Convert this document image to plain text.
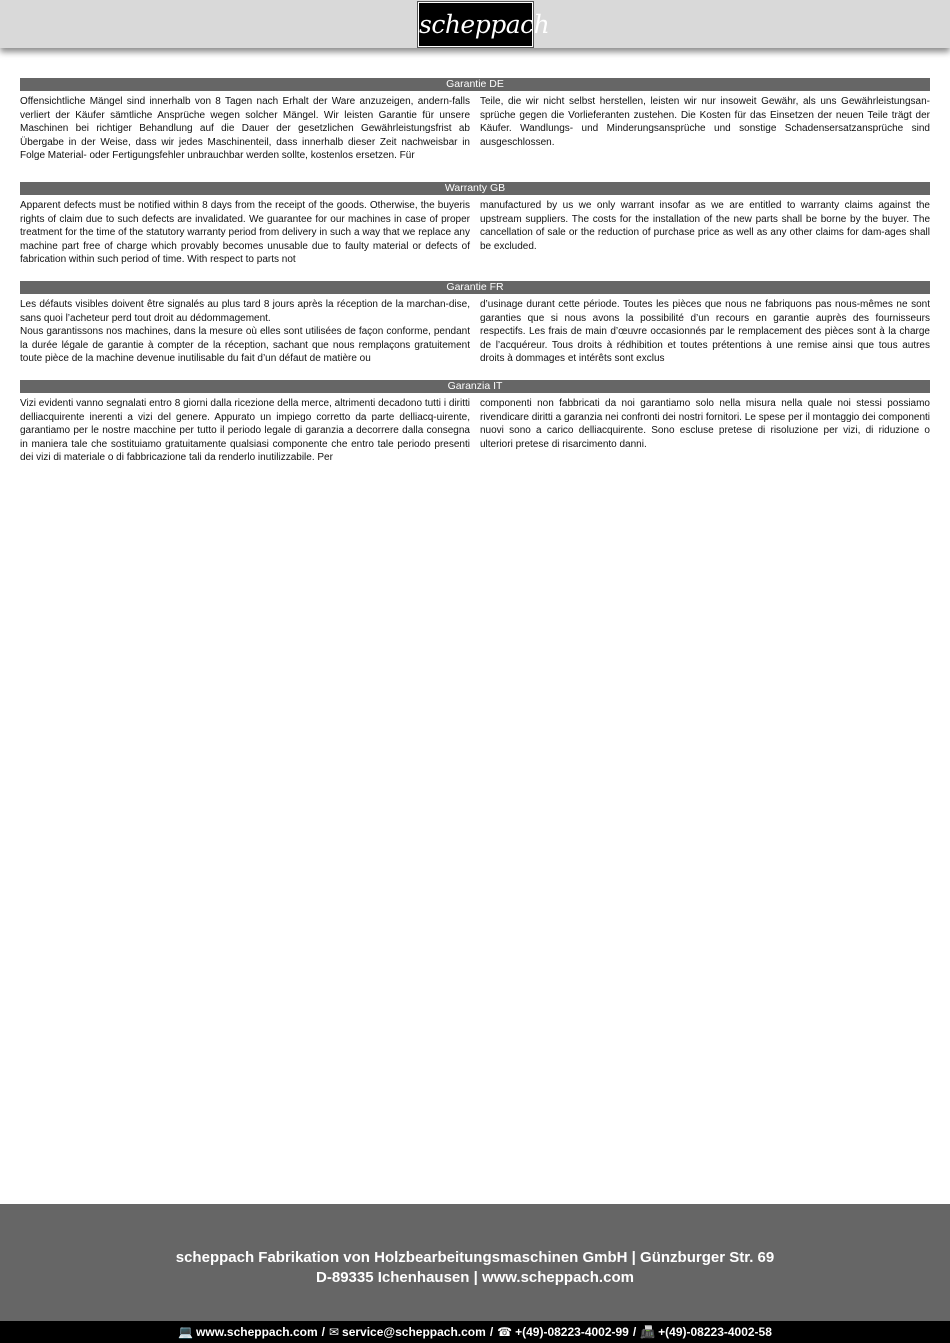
scheppach
Garantie DE
Offensichtliche Mängel sind innerhalb von 8 Tagen nach Erhalt der Ware anzuzeigen, andern-falls verliert der Käufer sämtliche Ansprüche wegen solcher Mängel. Wir leisten Garantie für unsere Maschinen bei richtiger Behandlung auf die Dauer der gesetzlichen Gewährleistungsfrist ab Übergabe in der Weise, dass wir jedes Maschinenteil, dass innerhalb dieser Zeit nachweisbar in Folge Material- oder Fertigungsfehler unbrauchbar werden sollte, kostenlos ersetzen. Für
Teile, die wir nicht selbst herstellen, leisten wir nur insoweit Gewähr, als uns Gewährleistungsan-sprüche gegen die Vorlieferanten zustehen. Die Kosten für das Einsetzen der neuen Teile trägt der Käufer. Wandlungs- und Minderungsansprüche und sonstige Schadensersatzansprüche sind ausgeschlossen.
Warranty GB
Apparent defects must be notified within 8 days from the receipt of the goods. Otherwise, the buyeris rights of claim due to such defects are invalidated. We guarantee for our machines in case of proper treatment for the time of the statutory warranty period from delivery in such a way that we replace any machine part free of charge which provably becomes unusable due to faulty material or defects of fabrication within such period of time. With respect to parts not
manufactured by us we only warrant insofar as we are entitled to warranty claims against the upstream suppliers. The costs for the installation of the new parts shall be borne by the buyer. The cancellation of sale or the reduction of purchase price as well as any other claims for dam-ages shall be excluded.
Garantie FR
Les défauts visibles doivent être signalés au plus tard 8 jours après la réception de la marchan-dise, sans quoi l’acheteur perd tout droit au dédommagement.
Nous garantissons nos machines, dans la mesure où elles sont utilisées de façon conforme, pendant la durée légale de garantie à compter de la réception, sachant que nous remplaçons gratuitement toute pièce de la machine devenue inutilisable du fait d’un défaut de matière ou
d’usinage durant cette période. Toutes les pièces que nous ne fabriquons pas nous-mêmes ne sont garanties que si nous avons la possibilité d’un recours en garantie auprès des fournisseurs respectifs. Les frais de main d’œuvre occasionnés par le remplacement des pièces sont à la charge de l’acquéreur. Tous droits à rédhibition et toutes prétentions à une remise ainsi que tous autres droits à dommages et intérêts sont exclus
Garanzia IT
Vizi evidenti vanno segnalati entro 8 giorni dalla ricezione della merce, altrimenti decadono tutti i diritti delliacquirente inerenti a vizi del genere. Appurato un impiego corretto da parte delliacq-uirente, garantiamo per le nostre macchine per tutto il periodo legale di garanzia a decorrere dalla consegna in maniera tale che sostituiamo gratuitamente qualsiasi componente che entro tale periodo presenti dei vizi di materiale o di fabbricazione tali da renderlo inutilizzabile. Per
componenti non fabbricati da noi garantiamo solo nella misura nella quale noi stessi possiamo rivendicare diritti a garanzia nei confronti dei nostri fornitori. Le spese per il montaggio dei componenti nuovi sono a carico delliacquirente. Sono escluse pretese di risoluzione per vizi, di riduzione o ulteriori pretese di risarcimento danni.
scheppach Fabrikation von Holzbearbeitungsmaschinen GmbH | Günzburger Str. 69
D-89335 Ichenhausen | www.scheppach.com
💻 www.scheppach.com / ✉ service@scheppach.com / ☎ +(49)-08223-4002-99 / 📠 +(49)-08223-4002-58
